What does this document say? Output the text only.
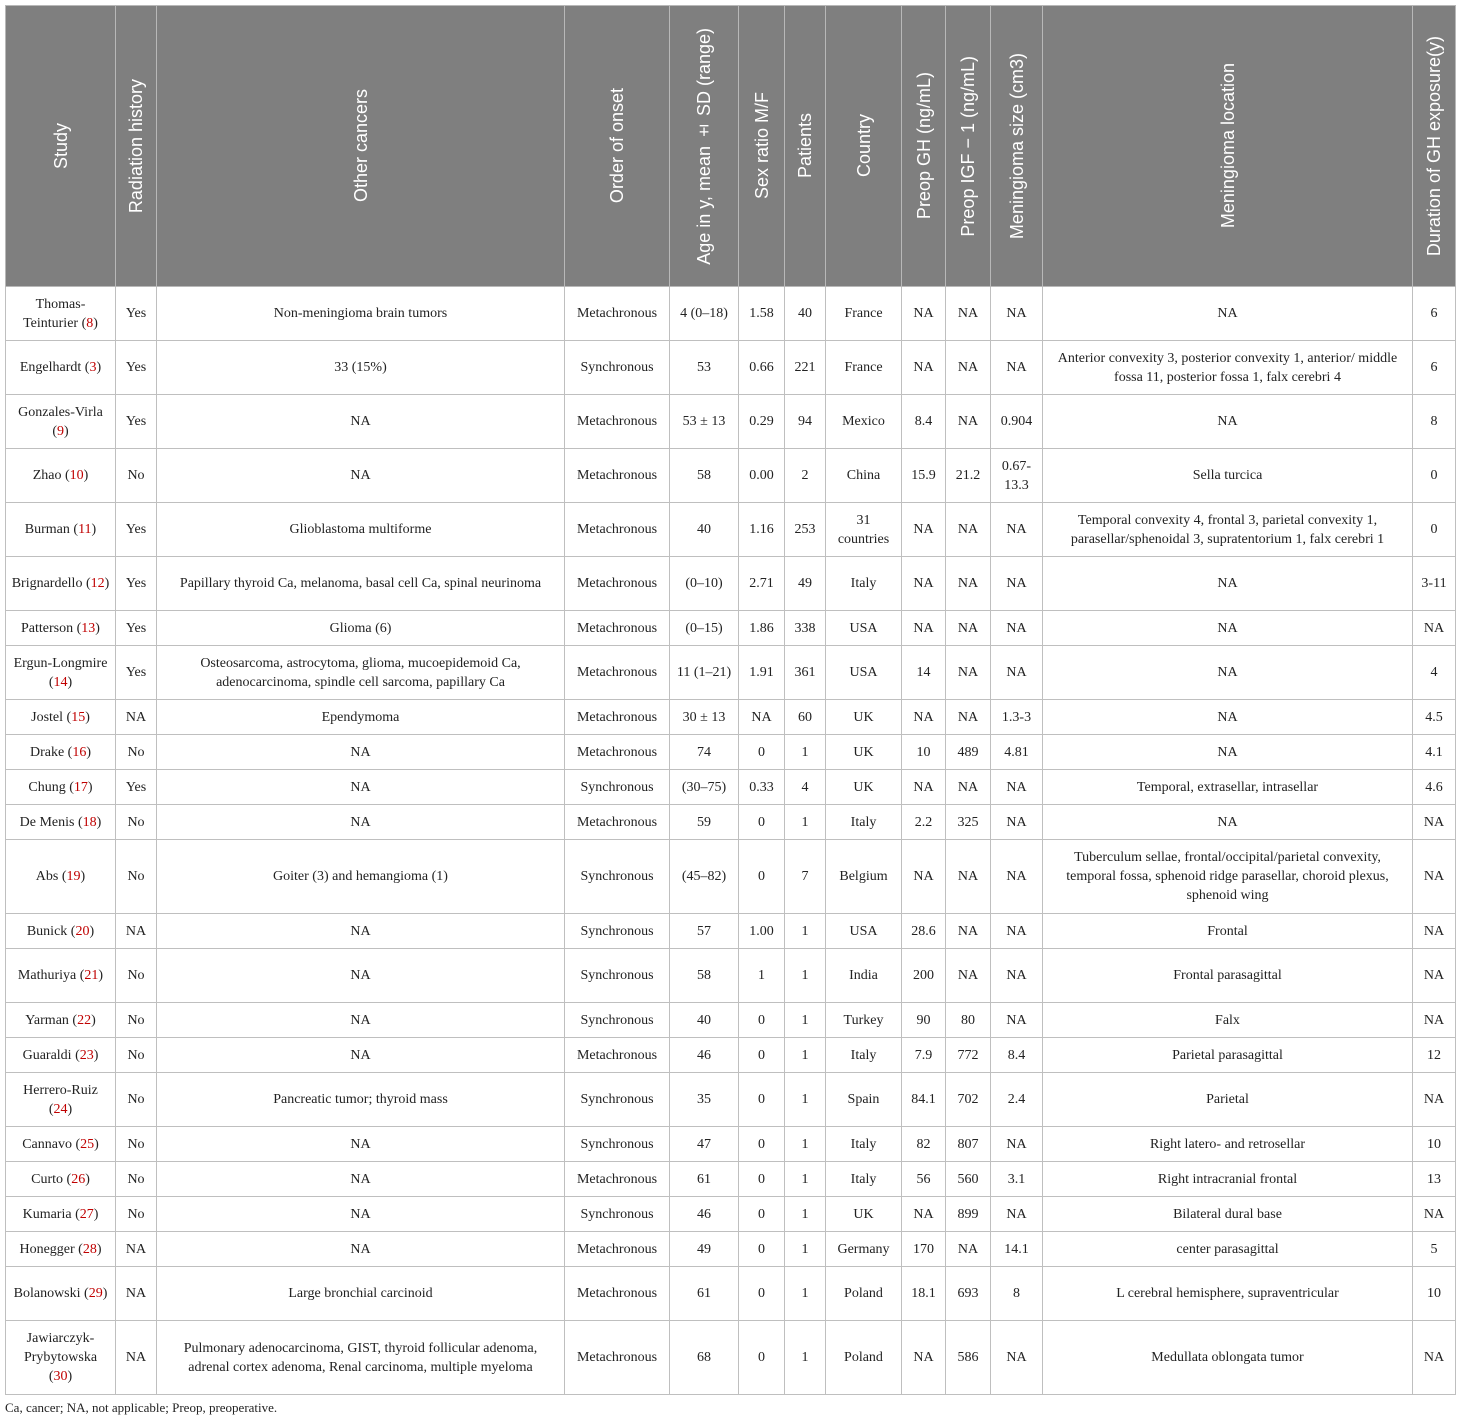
Study	Radiation history	Other cancers	Order of onset	Age in y, mean ± SD (range)	Sex ratio M/F	Patients	Country	Preop GH (ng/mL)	Preop IGF − 1 (ng/mL)	Meningioma size (cm3)	Meningioma location	Duration of GH exposure(y)

Thomas-Teinturier (8)	Yes	Non-meningioma brain tumors	Metachronous	4 (0–18)	1.58	40	France	NA	NA	NA	NA	6
Engelhardt (3)	Yes	33 (15%)	Synchronous	53	0.66	221	France	NA	NA	NA	Anterior convexity 3, posterior convexity 1, anterior/ middle fossa 11, posterior fossa 1, falx cerebri 4	6
Gonzales-Virla (9)	Yes	NA	Metachronous	53 ± 13	0.29	94	Mexico	8.4	NA	0.904	NA	8
Zhao (10)	No	NA	Metachronous	58	0.00	2	China	15.9	21.2	0.67-13.3	Sella turcica	0
Burman (11)	Yes	Glioblastoma multiforme	Metachronous	40	1.16	253	31 countries	NA	NA	NA	Temporal convexity 4, frontal 3, parietal convexity 1, parasellar/sphenoidal 3, supratentorium 1, falx cerebri 1	0
Brignardello (12)	Yes	Papillary thyroid Ca, melanoma, basal cell Ca, spinal neurinoma	Metachronous	(0–10)	2.71	49	Italy	NA	NA	NA	NA	3-11
Patterson (13)	Yes	Glioma (6)	Metachronous	(0–15)	1.86	338	USA	NA	NA	NA	NA	NA
Ergun-Longmire (14)	Yes	Osteosarcoma, astrocytoma, glioma, mucoepidemoid Ca, adenocarcinoma, spindle cell sarcoma, papillary Ca	Metachronous	11 (1–21)	1.91	361	USA	14	NA	NA	NA	4
Jostel (15)	NA	Ependymoma	Metachronous	30 ± 13	NA	60	UK	NA	NA	1.3-3	NA	4.5
Drake (16)	No	NA	Metachronous	74	0	1	UK	10	489	4.81	NA	4.1
Chung (17)	Yes	NA	Synchronous	(30–75)	0.33	4	UK	NA	NA	NA	Temporal, extrasellar, intrasellar	4.6
De Menis (18)	No	NA	Metachronous	59	0	1	Italy	2.2	325	NA	NA	NA
Abs (19)	No	Goiter (3) and hemangioma (1)	Synchronous	(45–82)	0	7	Belgium	NA	NA	NA	Tuberculum sellae, frontal/occipital/parietal convexity, temporal fossa, sphenoid ridge parasellar, choroid plexus, sphenoid wing	NA
Bunick (20)	NA	NA	Synchronous	57	1.00	1	USA	28.6	NA	NA	Frontal	NA
Mathuriya (21)	No	NA	Synchronous	58	1	1	India	200	NA	NA	Frontal parasagittal	NA
Yarman (22)	No	NA	Synchronous	40	0	1	Turkey	90	80	NA	Falx	NA
Guaraldi (23)	No	NA	Metachronous	46	0	1	Italy	7.9	772	8.4	Parietal parasagittal	12
Herrero-Ruiz (24)	No	Pancreatic tumor; thyroid mass	Synchronous	35	0	1	Spain	84.1	702	2.4	Parietal	NA
Cannavo (25)	No	NA	Synchronous	47	0	1	Italy	82	807	NA	Right latero- and retrosellar	10
Curto (26)	No	NA	Metachronous	61	0	1	Italy	56	560	3.1	Right intracranial frontal	13
Kumaria (27)	No	NA	Synchronous	46	0	1	UK	NA	899	NA	Bilateral dural base	NA
Honegger (28)	NA	NA	Metachronous	49	0	1	Germany	170	NA	14.1	center parasagittal	5
Bolanowski (29)	NA	Large bronchial carcinoid	Metachronous	61	0	1	Poland	18.1	693	8	L cerebral hemisphere, supraventricular	10
Jawiarczyk-Prybytowska (30)	NA	Pulmonary adenocarcinoma, GIST, thyroid follicular adenoma, adrenal cortex adenoma, Renal carcinoma, multiple myeloma	Metachronous	68	0	1	Poland	NA	586	NA	Medullata oblongata tumor	NA
Ca, cancer; NA, not applicable; Preop, preoperative.
